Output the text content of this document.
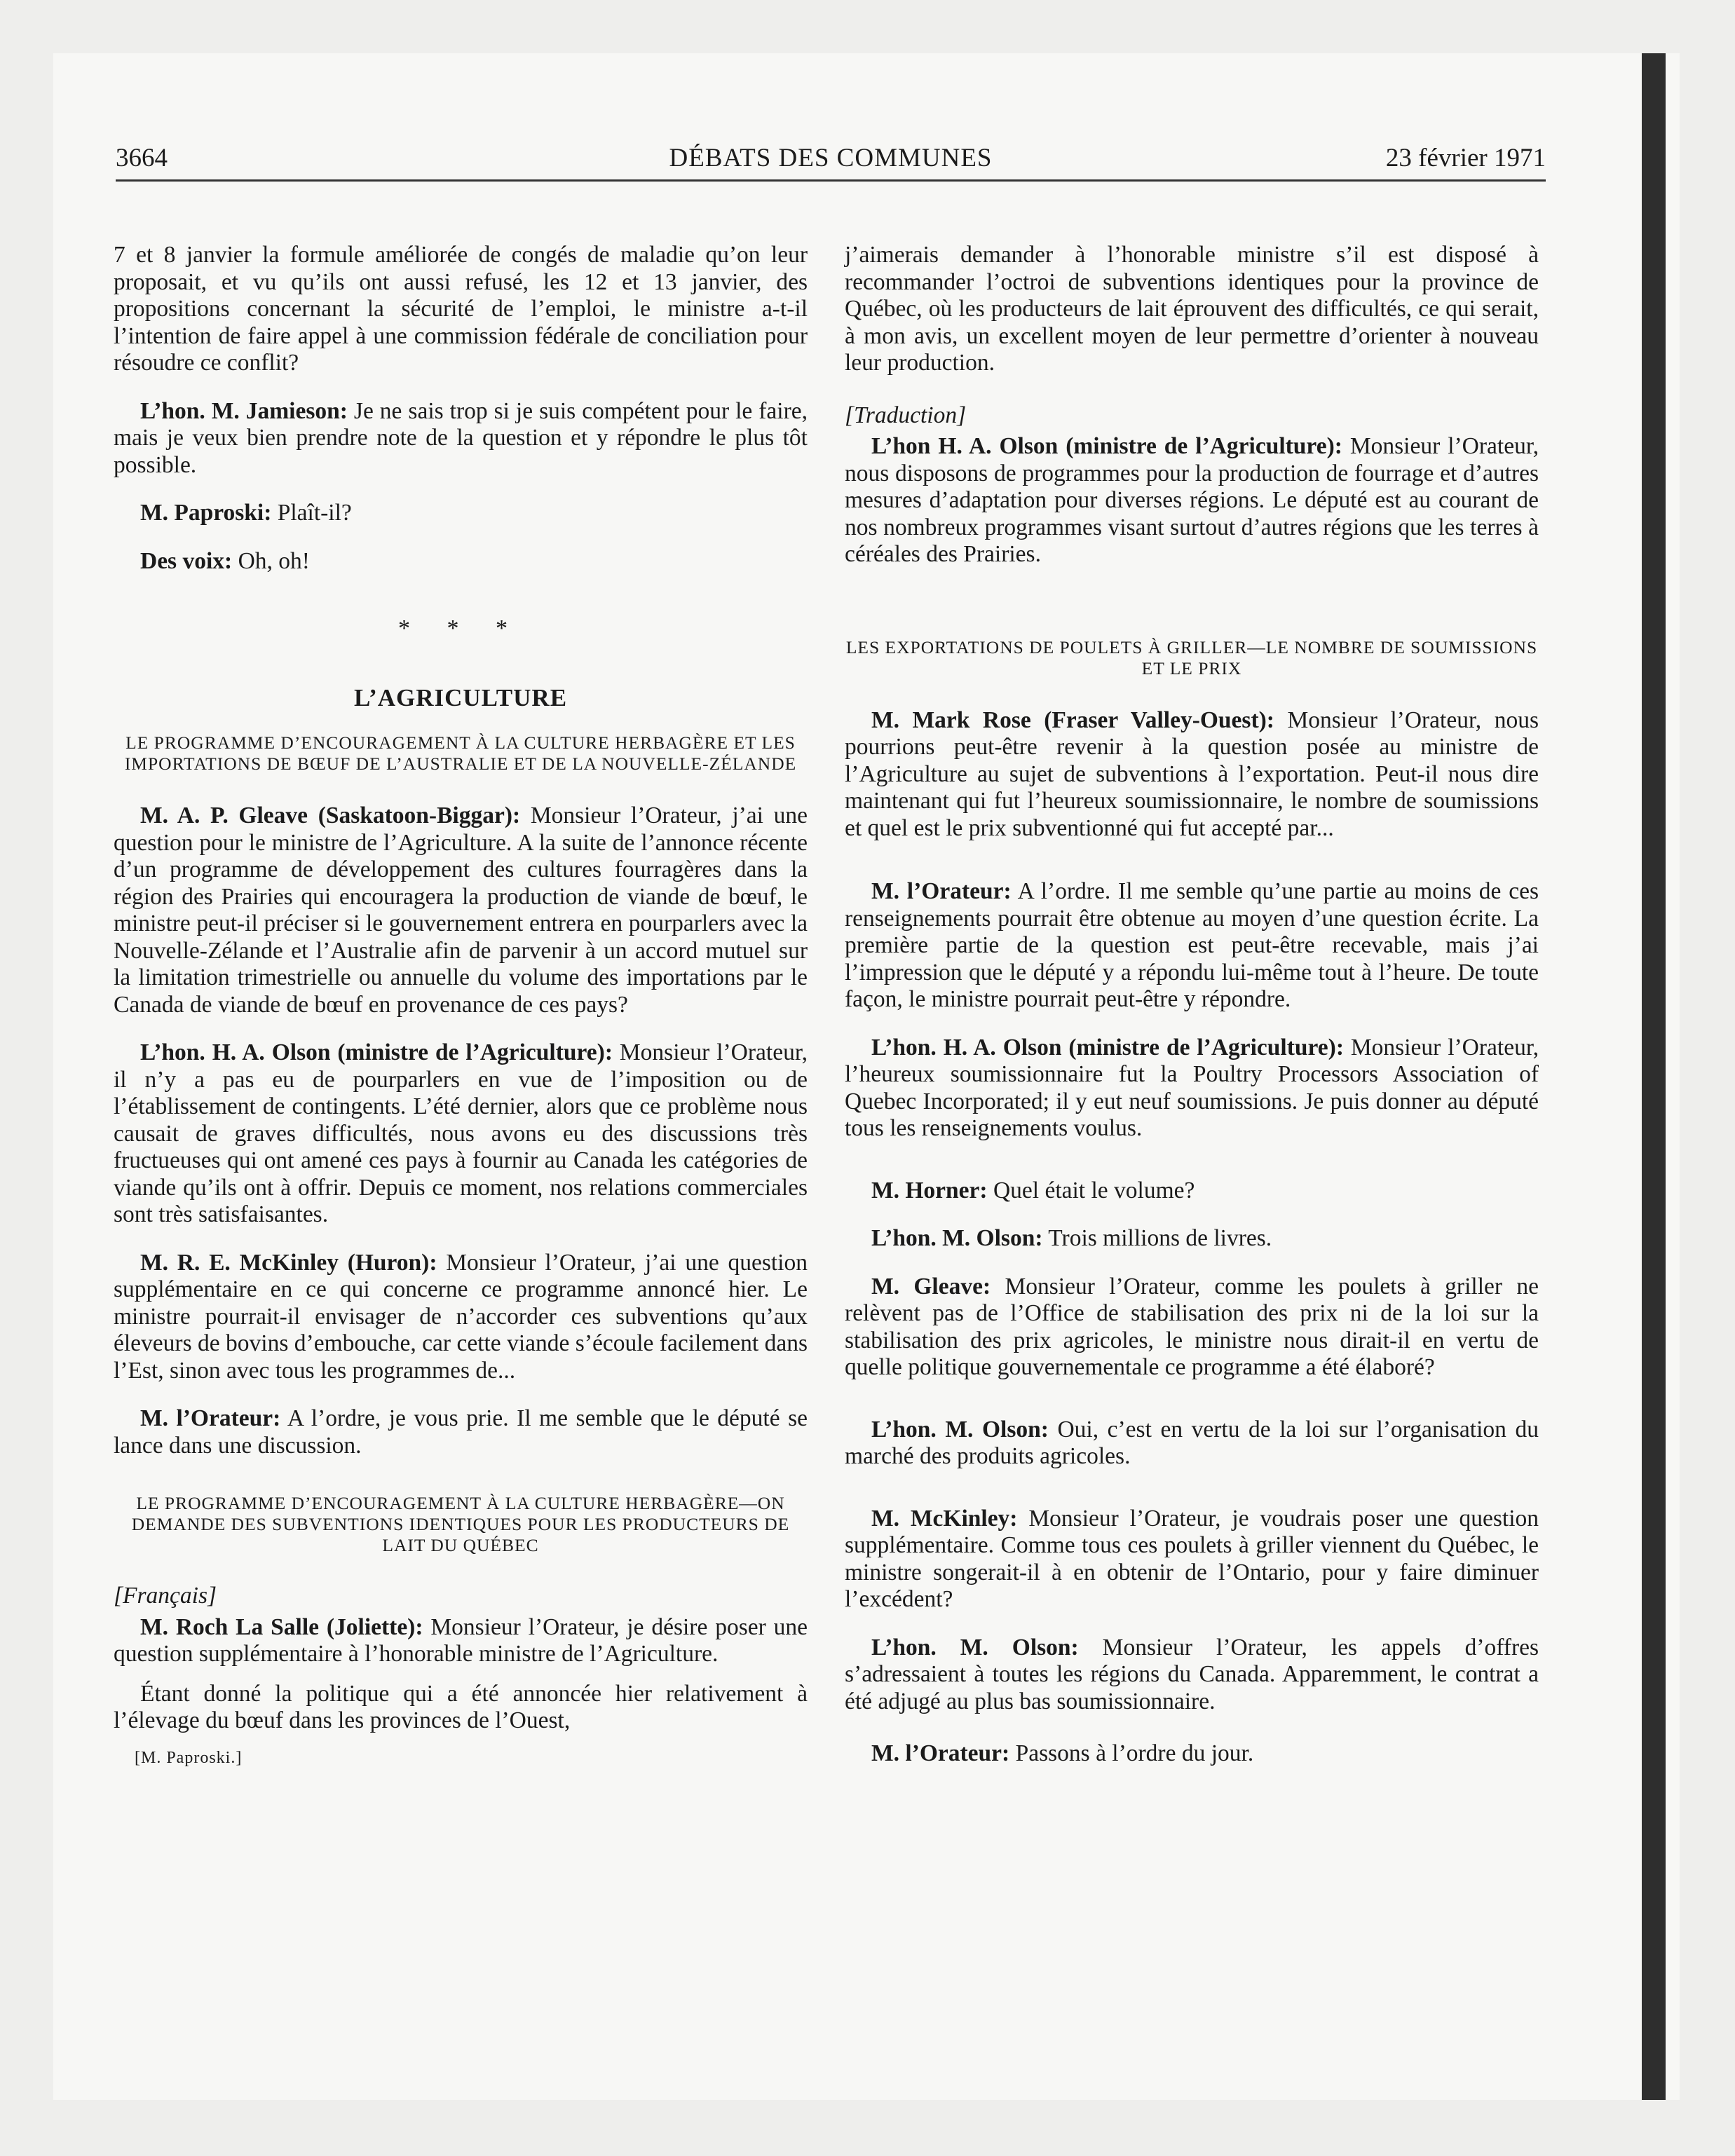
3664	DÉBATS DES COMMUNES	23 février 1971

7 et 8 janvier la formule améliorée de congés de maladie qu’on leur proposait, et vu qu’ils ont aussi refusé, les 12 et 13 janvier, des propositions concernant la sécurité de l’emploi, le ministre a-t-il l’intention de faire appel à une commission fédérale de conciliation pour résoudre ce conflit?

L’hon. M. Jamieson: Je ne sais trop si je suis compétent pour le faire, mais je veux bien prendre note de la question et y répondre le plus tôt possible.

M. Paproski: Plaît-il?

Des voix: Oh, oh!

* * *
L’AGRICULTURE
LE PROGRAMME D’ENCOURAGEMENT À LA CULTURE HERBAGÈRE ET LES IMPORTATIONS DE BŒUF DE L’AUSTRALIE ET DE LA NOUVELLE-ZÉLANDE

M. A. P. Gleave (Saskatoon-Biggar): Monsieur l’Orateur, j’ai une question pour le ministre de l’Agriculture. A la suite de l’annonce récente d’un programme de développement des cultures fourragères dans la région des Prairies qui encouragera la production de viande de bœuf, le ministre peut-il préciser si le gouvernement entrera en pourparlers avec la Nouvelle-Zélande et l’Australie afin de parvenir à un accord mutuel sur la limitation trimestrielle ou annuelle du volume des importations par le Canada de viande de bœuf en provenance de ces pays?

L’hon. H. A. Olson (ministre de l’Agriculture): Monsieur l’Orateur, il n’y a pas eu de pourparlers en vue de l’imposition ou de l’établissement de contingents. L’été dernier, alors que ce problème nous causait de graves difficultés, nous avons eu des discussions très fructueuses qui ont amené ces pays à fournir au Canada les catégories de viande qu’ils ont à offrir. Depuis ce moment, nos relations commerciales sont très satisfaisantes.

M. R. E. McKinley (Huron): Monsieur l’Orateur, j’ai une question supplémentaire en ce qui concerne ce programme annoncé hier. Le ministre pourrait-il envisager de n’accorder ces subventions qu’aux éleveurs de bovins d’embouche, car cette viande s’écoule facilement dans l’Est, sinon avec tous les programmes de...

M. l’Orateur: A l’ordre, je vous prie. Il me semble que le député se lance dans une discussion.

LE PROGRAMME D’ENCOURAGEMENT À LA CULTURE HERBAGÈRE—ON DEMANDE DES SUBVENTIONS IDENTIQUES POUR LES PRODUCTEURS DE LAIT DU QUÉBEC
[Français]

M. Roch La Salle (Joliette): Monsieur l’Orateur, je désire poser une question supplémentaire à l’honorable ministre de l’Agriculture.

Étant donné la politique qui a été annoncée hier relativement à l’élevage du bœuf dans les provinces de l’Ouest,

[M. Paproski.]

j’aimerais demander à l’honorable ministre s’il est disposé à recommander l’octroi de subventions identiques pour la province de Québec, où les producteurs de lait éprouvent des difficultés, ce qui serait, à mon avis, un excellent moyen de leur permettre d’orienter à nouveau leur production.

[Traduction]

L’hon H. A. Olson (ministre de l’Agriculture): Monsieur l’Orateur, nous disposons de programmes pour la production de fourrage et d’autres mesures d’adaptation pour diverses régions. Le député est au courant de nos nombreux programmes visant surtout d’autres régions que les terres à céréales des Prairies.

LES EXPORTATIONS DE POULETS À GRILLER—LE NOMBRE DE SOUMISSIONS ET LE PRIX

M. Mark Rose (Fraser Valley-Ouest): Monsieur l’Orateur, nous pourrions peut-être revenir à la question posée au ministre de l’Agriculture au sujet de subventions à l’exportation. Peut-il nous dire maintenant qui fut l’heureux soumissionnaire, le nombre de soumissions et quel est le prix subventionné qui fut accepté par...

M. l’Orateur: A l’ordre. Il me semble qu’une partie au moins de ces renseignements pourrait être obtenue au moyen d’une question écrite. La première partie de la question est peut-être recevable, mais j’ai l’impression que le député y a répondu lui-même tout à l’heure. De toute façon, le ministre pourrait peut-être y répondre.

L’hon. H. A. Olson (ministre de l’Agriculture): Monsieur l’Orateur, l’heureux soumissionnaire fut la Poultry Processors Association of Quebec Incorporated; il y eut neuf soumissions. Je puis donner au député tous les renseignements voulus.

M. Horner: Quel était le volume?

L’hon. M. Olson: Trois millions de livres.

M. Gleave: Monsieur l’Orateur, comme les poulets à griller ne relèvent pas de l’Office de stabilisation des prix ni de la loi sur la stabilisation des prix agricoles, le ministre nous dirait-il en vertu de quelle politique gouvernementale ce programme a été élaboré?

L’hon. M. Olson: Oui, c’est en vertu de la loi sur l’organisation du marché des produits agricoles.

M. McKinley: Monsieur l’Orateur, je voudrais poser une question supplémentaire. Comme tous ces poulets à griller viennent du Québec, le ministre songerait-il à en obtenir de l’Ontario, pour y faire diminuer l’excédent?

L’hon. M. Olson: Monsieur l’Orateur, les appels d’offres s’adressaient à toutes les régions du Canada. Apparemment, le contrat a été adjugé au plus bas soumissionnaire.

M. l’Orateur: Passons à l’ordre du jour.
